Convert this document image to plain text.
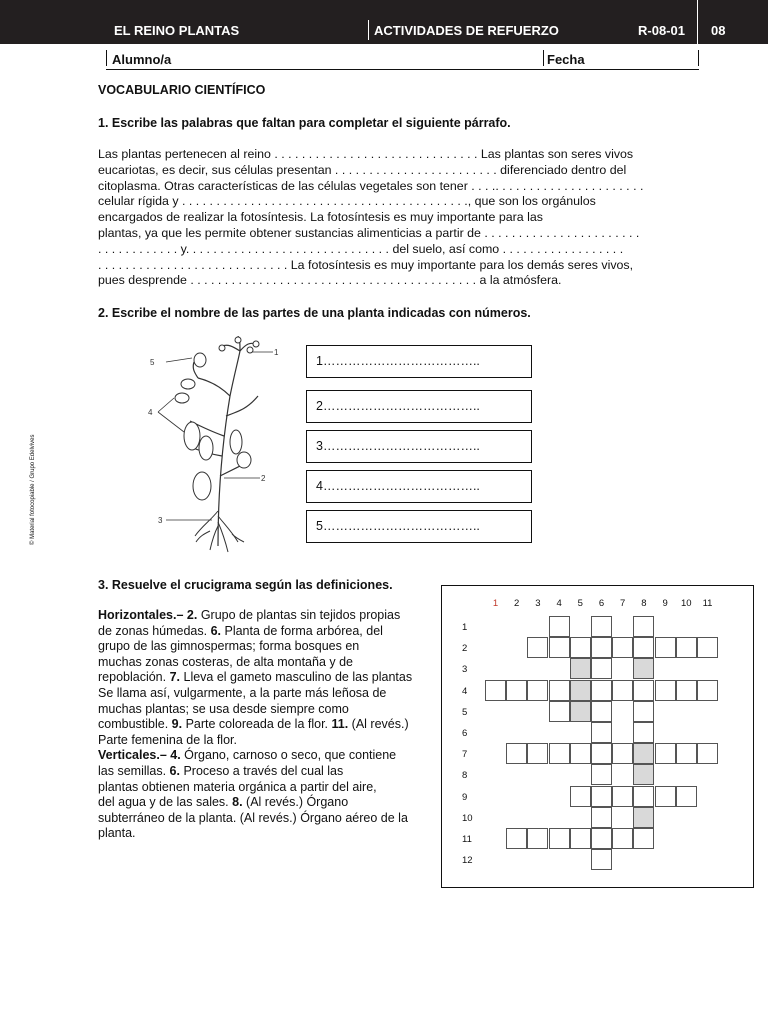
EL REINO PLANTAS	ACTIVIDADES DE REFUERZO	R-08-01 08
Alumno/a	Fecha
© Material fotocopiable / Grupo Edelvives
VOCABULARIO CIENTÍFICO
1. Escribe las palabras que faltan para completar el siguiente párrafo.
Las plantas pertenecen al reino . . . . . . . . . . . . . . . . . . . . . . . . . . . . . . Las plantas son seres vivos
eucariotas, es decir, sus células presentan . . . . . . . . . . . . . . . . . . . . . . . . diferenciado dentro del
citoplasma. Otras características de las células vegetales son tener . . . .. . . . . . . . . . . . . . . . . . . . . .
celular rígida y . . . . . . . . . . . . . . . . . . . . . . . . . . . . . . . . . . . . . . . . . ., que son los orgánulos
encargados de realizar la fotosíntesis. La fotosíntesis es muy importante para las
plantas, ya que les permite obtener sustancias alimenticias a partir de . . . . . . . . . . . . . . . . . . . . . . .
. . . . . . . . . . . . y. . . . . . . . . . . . . . . . . . . . . . . . . . . . . . del suelo, así como . . . . . . . . . . . . . . . . . .
. . . . . . . . . . . . . . . . . . . . . . . . . . . . La fotosíntesis es muy importante para los demás seres vivos,
pues desprende . . . . . . . . . . . . . . . . . . . . . . . . . . . . . . . . . . . . . . . . . . a la atmósfera.
2. Escribe el nombre de las partes de una planta indicadas con números.
5
1
4
2
3
1………………………………..
2………………………………..
3………………………………..
4………………………………..
5………………………………..
3. Resuelve el crucigrama según las definiciones.
Horizontales.– 2. Grupo de plantas sin tejidos propias
de zonas húmedas. 6. Planta de forma arbórea, del
grupo de las gimnospermas; forma bosques en
muchas zonas costeras, de alta montaña y de
repoblación. 7. Lleva el gameto masculino de las plantas
Se llama así, vulgarmente, a la parte más leñosa de
muchas plantas; se usa desde siempre como
combustible. 9. Parte coloreada de la flor. 11. (Al revés.)
Parte femenina de la flor.
Verticales.– 4. Órgano, carnoso o seco, que contiene
las semillas. 6. Proceso a través del cual las
plantas obtienen materia orgánica a partir del aire,
del agua y de las sales. 8. (Al revés.) Órgano
subterráneo de la planta. (Al revés.) Órgano aéreo de la
planta.
1	2	3	4	5	6	7	8	9	10	11
1
2
3
4
5
6
7
8
9
10
11
12
